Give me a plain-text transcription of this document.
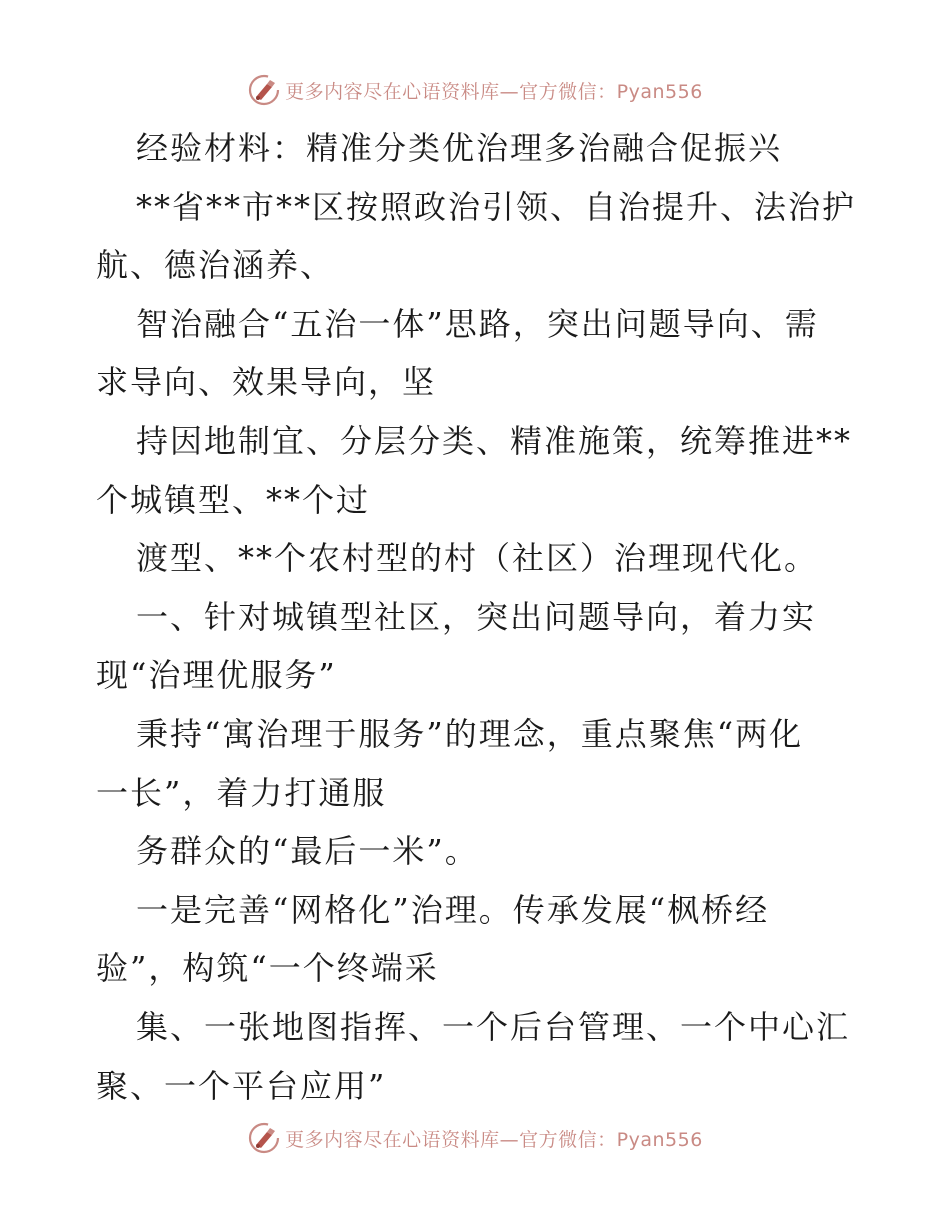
更多内容尽在心语资料库—官方微信：Pyan556
经验材料：精准分类优治理多治融合促振兴
**省**市**区按照政治引领、自治提升、法治护
航、德治涵养、
智治融合“五治一体”思路，突出问题导向、需
求导向、效果导向，坚
持因地制宜、分层分类、精准施策，统筹推进**
个城镇型、**个过
渡型、**个农村型的村（社区）治理现代化。
一、针对城镇型社区，突出问题导向，着力实
现“治理优服务”
秉持“寓治理于服务”的理念，重点聚焦“两化
一长”，着力打通服
务群众的“最后一米”。
一是完善“网格化”治理。传承发展“枫桥经
验”，构筑“一个终端采
集、一张地图指挥、一个后台管理、一个中心汇
聚、一个平台应用”
更多内容尽在心语资料库—官方微信：Pyan556
